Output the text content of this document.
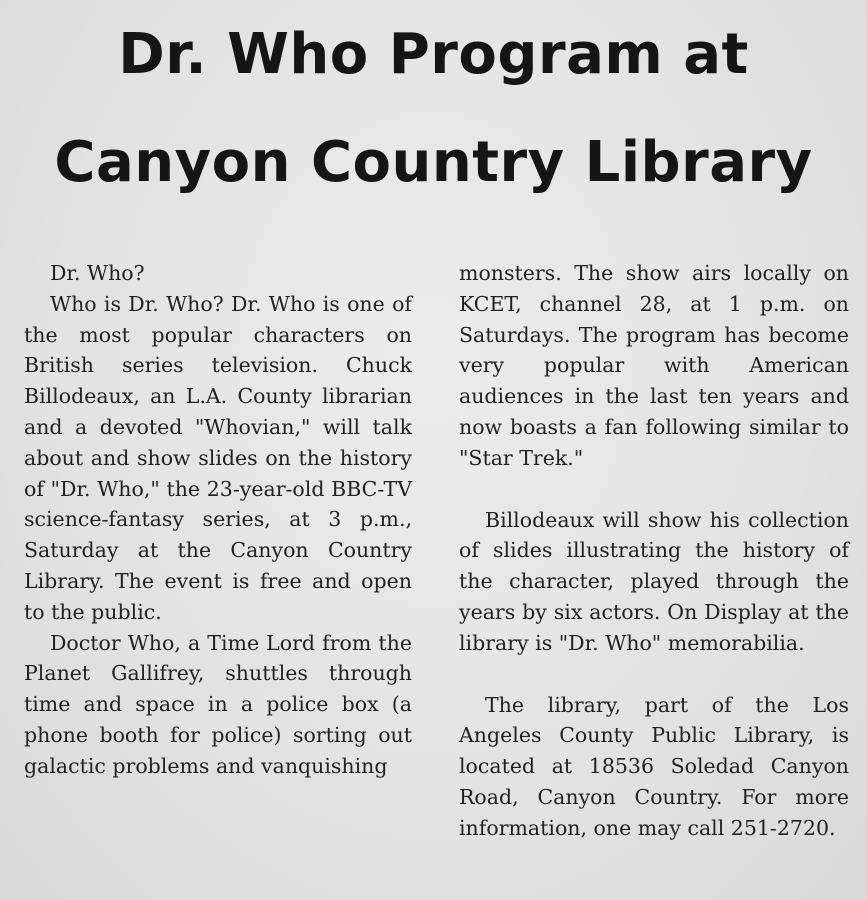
Dr. Who Program at
Canyon Country Library

Dr. Who?

Who is Dr. Who? Dr. Who is one of the most popular characters on British series television. Chuck Billodeaux, an L.A. County librarian and a devoted "Whovian," will talk about and show slides on the history of "Dr. Who," the 23-year-old BBC-TV science-fantasy series, at 3 p.m., Saturday at the Canyon Country Library. The event is free and open to the public.

Doctor Who, a Time Lord from the Planet Gallifrey, shuttles through time and space in a police box (a phone booth for police) sorting out galactic problems and vanquishing

monsters. The show airs locally on KCET, channel 28, at 1 p.m. on Saturdays. The program has become very popular with American audiences in the last ten years and now boasts a fan following similar to "Star Trek."

Billodeaux will show his collection of slides illustrating the history of the character, played through the years by six actors. On Display at the library is "Dr. Who" memorabilia.

The library, part of the Los Angeles County Public Library, is located at 18536 Soledad Canyon Road, Canyon Country. For more information, one may call 251-2720.
